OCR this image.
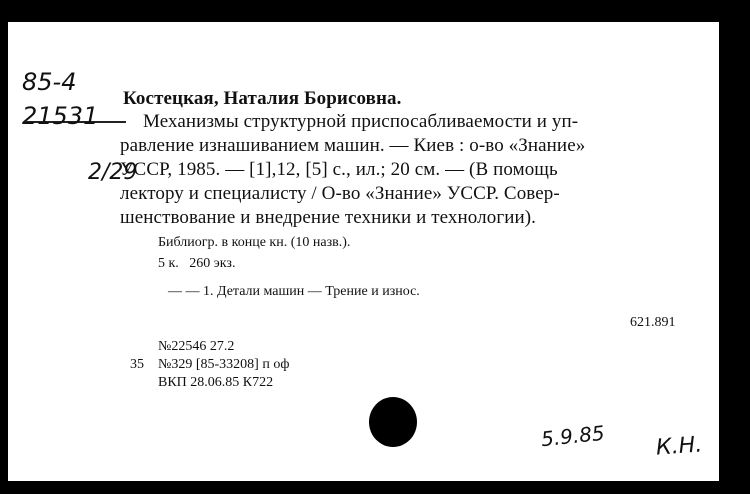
85-4
21531
2/29
Костецкая, Наталия Борисовна.
Механизмы структурной приспосабливаемости и уп-
равление изнашиванием машин. — Киев : о-во «Знание»
УССР, 1985. — [1],12, [5] с., ил.; 20 см. — (В помощь
лектору и специалисту / О-во «Знание» УССР. Совер-
шенствование и внедрение техники и технологии).
Библиогр. в конце кн. (10 назв.).
5 к.   260 экз.
— — 1. Детали машин — Трение и износ.
621.891
№22546 27.2
35 №329 [85-33208] п оф
ВКП 28.06.85 К722
5.9.85 К.Н.
